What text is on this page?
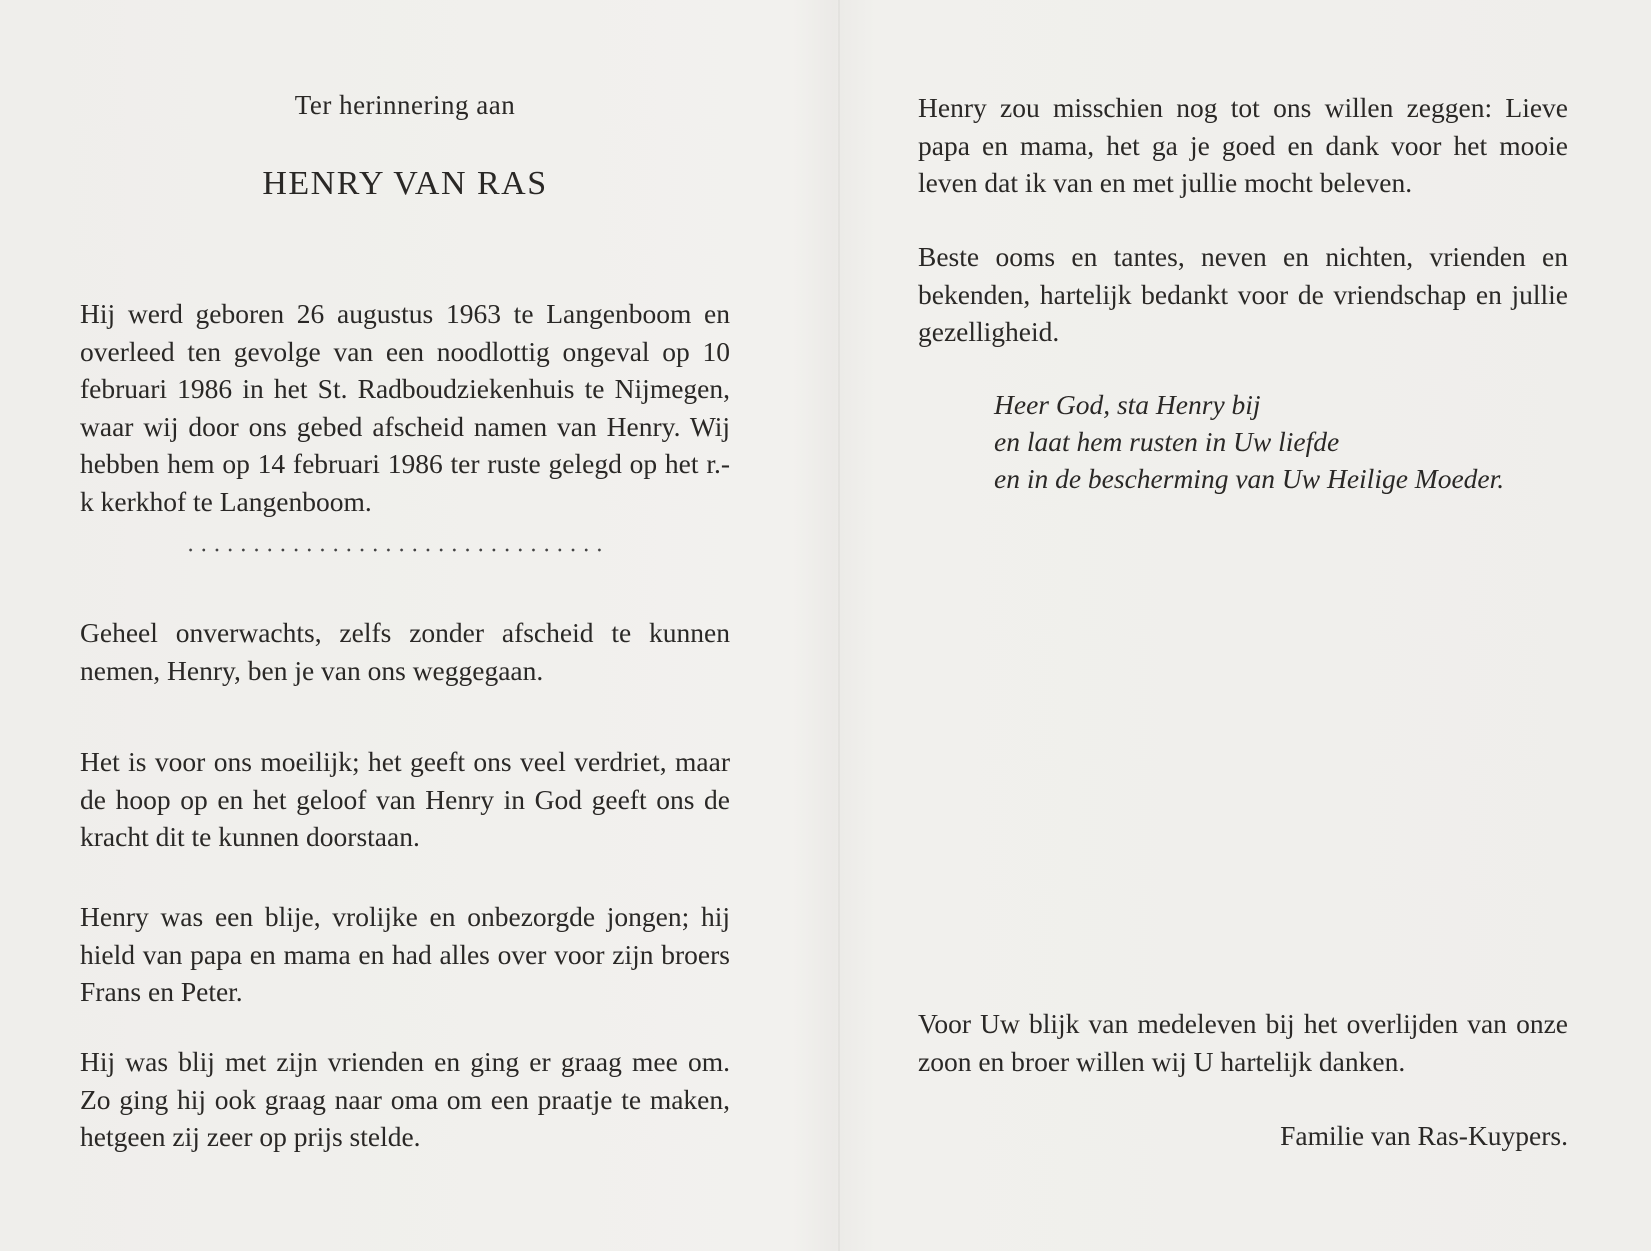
Ter herinnering aan
HENRY VAN RAS

Hij werd geboren 26 augustus 1963 te Langenboom en overleed ten gevolge van een noodlottig ongeval op 10 februari 1986 in het St. Radboudziekenhuis te Nijmegen, waar wij door ons gebed afscheid namen van Henry. Wij hebben hem op 14 februari 1986 ter ruste gelegd op het r.-k kerkhof te Langenboom.

Geheel onverwachts, zelfs zonder afscheid te kunnen nemen, Henry, ben je van ons weggegaan.

Het is voor ons moeilijk; het geeft ons veel verdriet, maar de hoop op en het geloof van Henry in God geeft ons de kracht dit te kunnen doorstaan.

Henry was een blije, vrolijke en onbezorgde jongen; hij hield van papa en mama en had alles over voor zijn broers Frans en Peter.

Hij was blij met zijn vrienden en ging er graag mee om. Zo ging hij ook graag naar oma om een praatje te maken, hetgeen zij zeer op prijs stelde.

Henry zou misschien nog tot ons willen zeggen: Lieve papa en mama, het ga je goed en dank voor het mooie leven dat ik van en met jullie mocht beleven.

Beste ooms en tantes, neven en nichten, vrienden en bekenden, hartelijk bedankt voor de vriendschap en jullie gezelligheid.

Heer God, sta Henry bij
en laat hem rusten in Uw liefde
en in de bescherming van Uw Heilige Moeder.

Voor Uw blijk van medeleven bij het overlijden van onze zoon en broer willen wij U hartelijk danken.

Familie van Ras-Kuypers.
